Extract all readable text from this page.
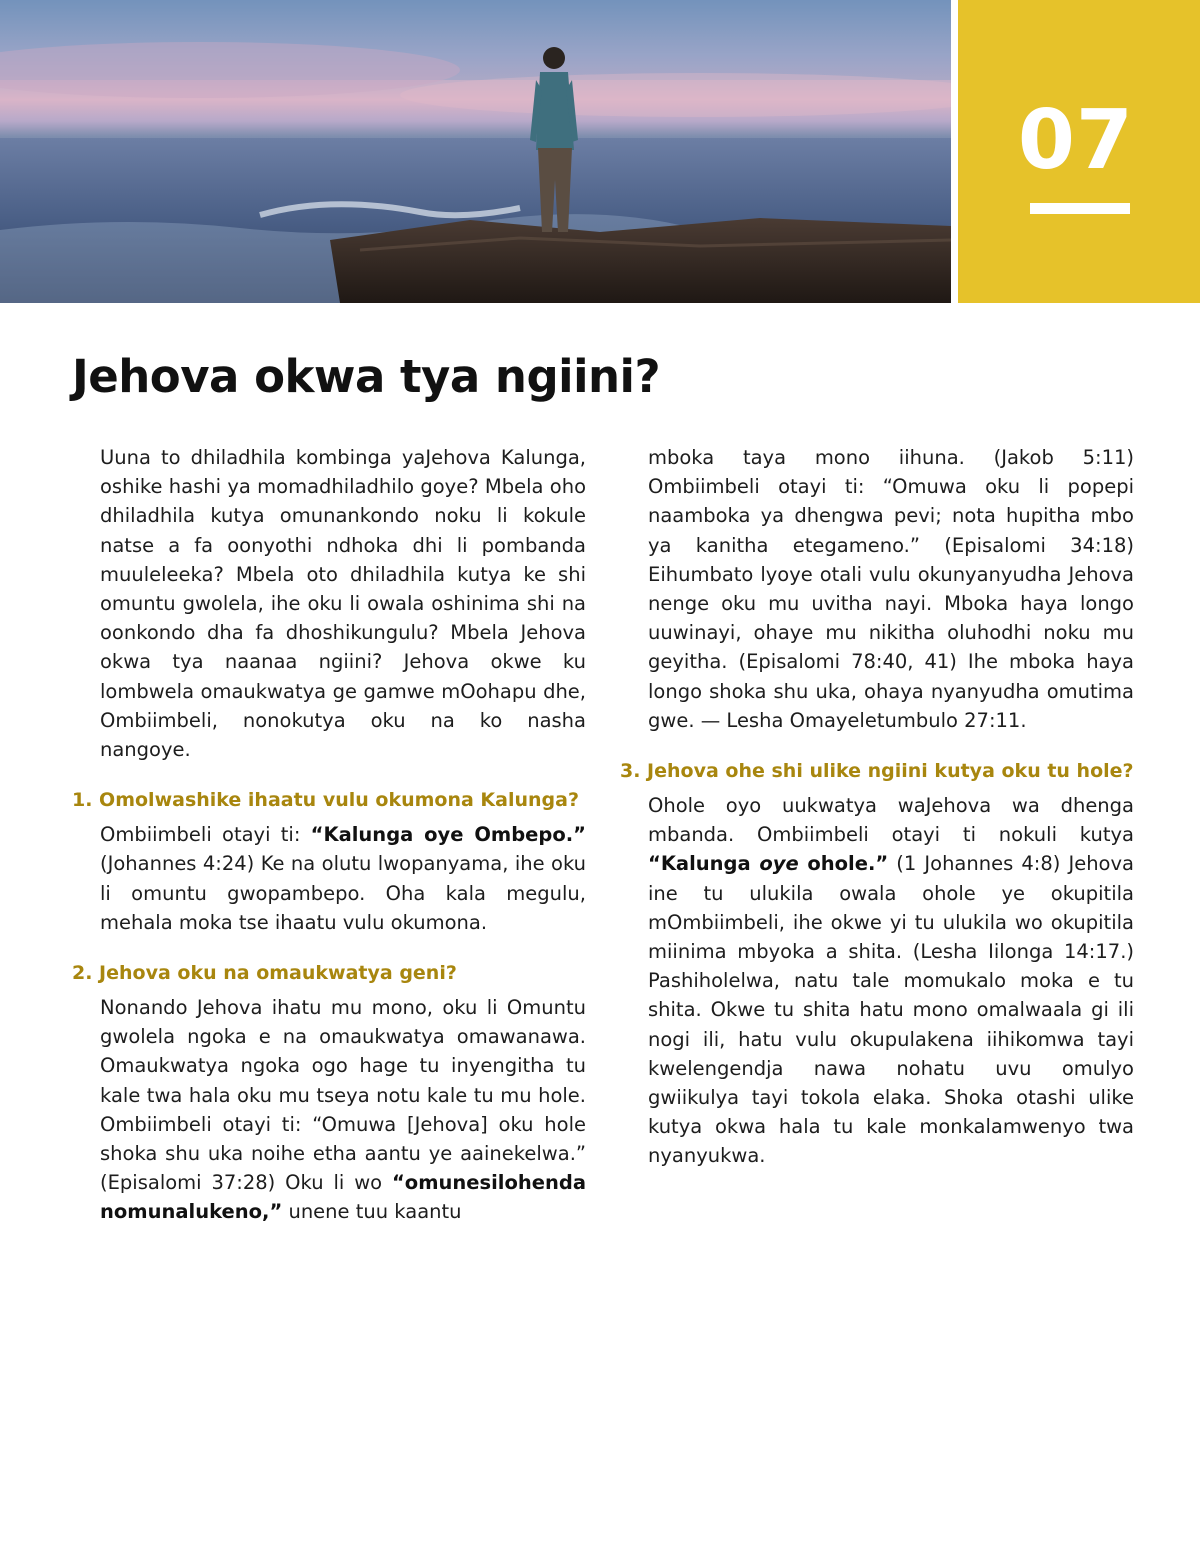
07
Jehova okwa tya ngiini?

Uuna to dhiladhila kombinga yaJehova Kalunga, oshike hashi ya momadhiladhilo goye? Mbela oho dhiladhila kutya omunankondo noku li kokule natse a fa oonyothi ndhoka dhi li pombanda muuleleeka? Mbela oto dhiladhila kutya ke shi omuntu gwolela, ihe oku li owala oshinima shi na oonkondo dha fa dhoshikungulu? Mbela Jehova okwa tya naanaa ngiini? Jehova okwe ku lombwela omaukwatya ge gamwe mOohapu dhe, Ombiimbeli, nonokutya oku na ko nasha nangoye.

1. Omolwashike ihaatu vulu okumona Kalunga?

Ombiimbeli otayi ti: “Kalunga oye Ombepo.” (Johannes 4:24) Ke na olutu lwopanyama, ihe oku li omuntu gwopambepo. Oha kala megulu, mehala moka tse ihaatu vulu okumona.

2. Jehova oku na omaukwatya geni?

Nonando Jehova ihatu mu mono, oku li Omuntu gwolela ngoka e na omaukwatya omawanawa. Omaukwatya ngoka ogo hage tu inyengitha tu kale twa hala oku mu tseya notu kale tu mu hole. Ombiimbeli otayi ti: “Omuwa [Jehova] oku hole shoka shu uka noihe etha aantu ye aainekelwa.” (Episalomi 37:28) Oku li wo “omunesilohenda nomunalukeno,” unene tuu kaantu

mboka taya mono iihuna. (Jakob 5:11) Ombiimbeli otayi ti: “Omuwa oku li popepi naamboka ya dhengwa pevi; nota hupitha mbo ya kanitha etegameno.” (Episalomi 34:18) Eihumbato lyoye otali vulu okunyanyudha Jehova nenge oku mu uvitha nayi. Mboka haya longo uuwinayi, ohaye mu nikitha oluhodhi noku mu geyitha. (Episalomi 78:40, 41) Ihe mboka haya longo shoka shu uka, ohaya nyanyudha omutima gwe. — Lesha Omayeletumbulo 27:11.

3. Jehova ohe shi ulike ngiini kutya oku tu hole?

Ohole oyo uukwatya waJehova wa dhenga mbanda. Ombiimbeli otayi ti nokuli kutya “Kalunga oye ohole.” (1 Johannes 4:8) Jehova ine tu ulukila owala ohole ye okupitila mOmbiimbeli, ihe okwe yi tu ulukila wo okupitila miinima mbyoka a shita. (Lesha Iilonga 14:17.) Pashiholelwa, natu tale momukalo moka e tu shita. Okwe tu shita hatu mono omalwaala gi ili nogi ili, hatu vulu okupulakena iihikomwa tayi kwelengendja nawa nohatu uvu omulyo gwiikulya tayi tokola elaka. Shoka otashi ulike kutya okwa hala tu kale monkalamwenyo twa nyanyukwa.
